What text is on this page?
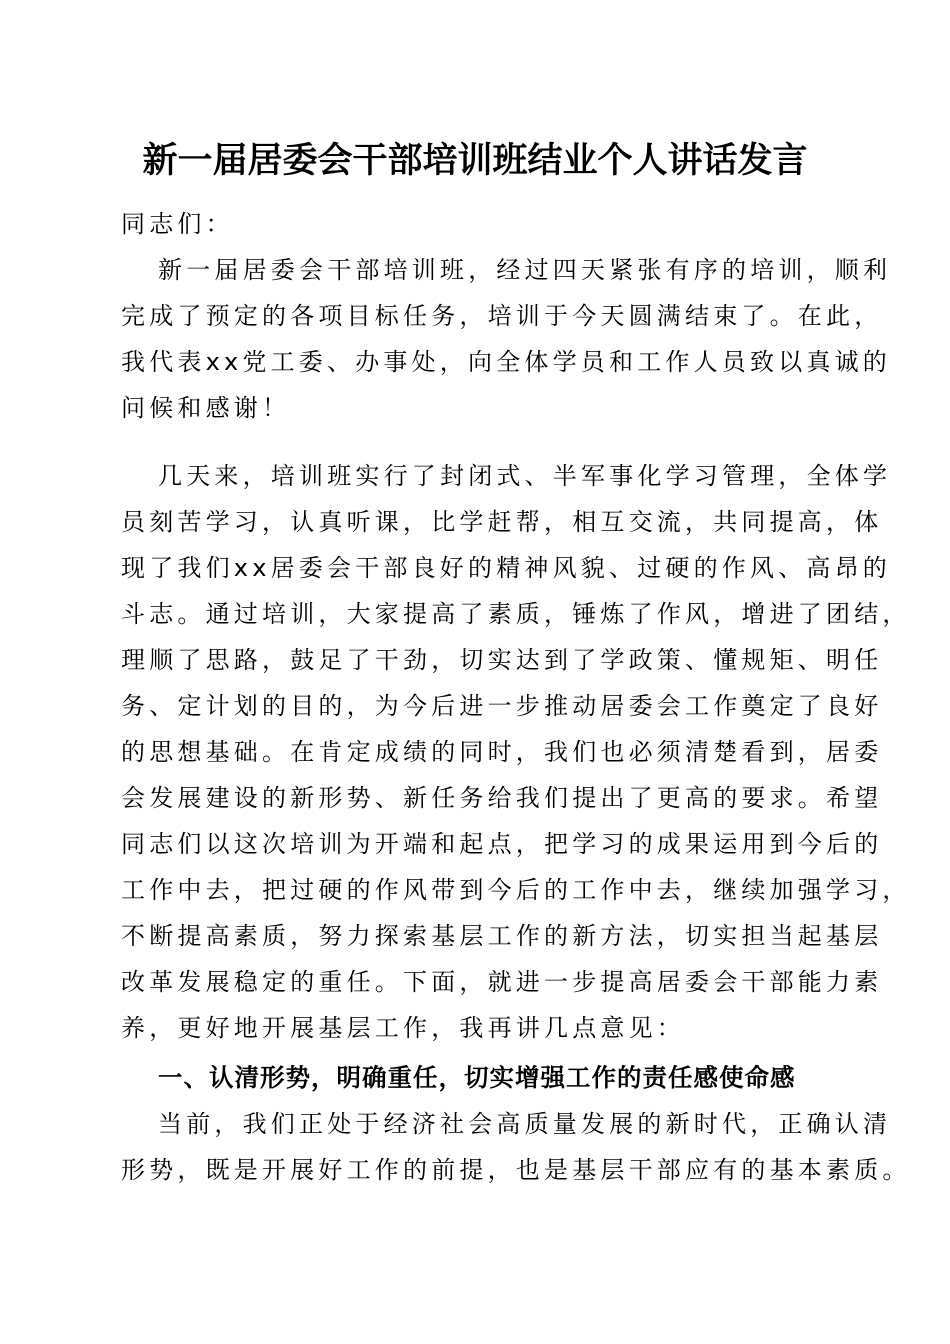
新一届居委会干部培训班结业个人讲话发言
同志们：
新一届居委会干部培训班，经过四天紧张有序的培训，顺利
完成了预定的各项目标任务，培训于今天圆满结束了。在此，
我代表xx党工委、办事处，向全体学员和工作人员致以真诚的
问候和感谢！
几天来，培训班实行了封闭式、半军事化学习管理，全体学
员刻苦学习，认真听课，比学赶帮，相互交流，共同提高，体
现了我们xx居委会干部良好的精神风貌、过硬的作风、高昂的
斗志。通过培训，大家提高了素质，锤炼了作风，增进了团结，
理顺了思路，鼓足了干劲，切实达到了学政策、懂规矩、明任
务、定计划的目的，为今后进一步推动居委会工作奠定了良好
的思想基础。在肯定成绩的同时，我们也必须清楚看到，居委
会发展建设的新形势、新任务给我们提出了更高的要求。希望
同志们以这次培训为开端和起点，把学习的成果运用到今后的
工作中去，把过硬的作风带到今后的工作中去，继续加强学习，
不断提高素质，努力探索基层工作的新方法，切实担当起基层
改革发展稳定的重任。下面，就进一步提高居委会干部能力素
养，更好地开展基层工作，我再讲几点意见：
一、认清形势，明确重任，切实增强工作的责任感使命感
当前，我们正处于经济社会高质量发展的新时代，正确认清
形势，既是开展好工作的前提，也是基层干部应有的基本素质。
